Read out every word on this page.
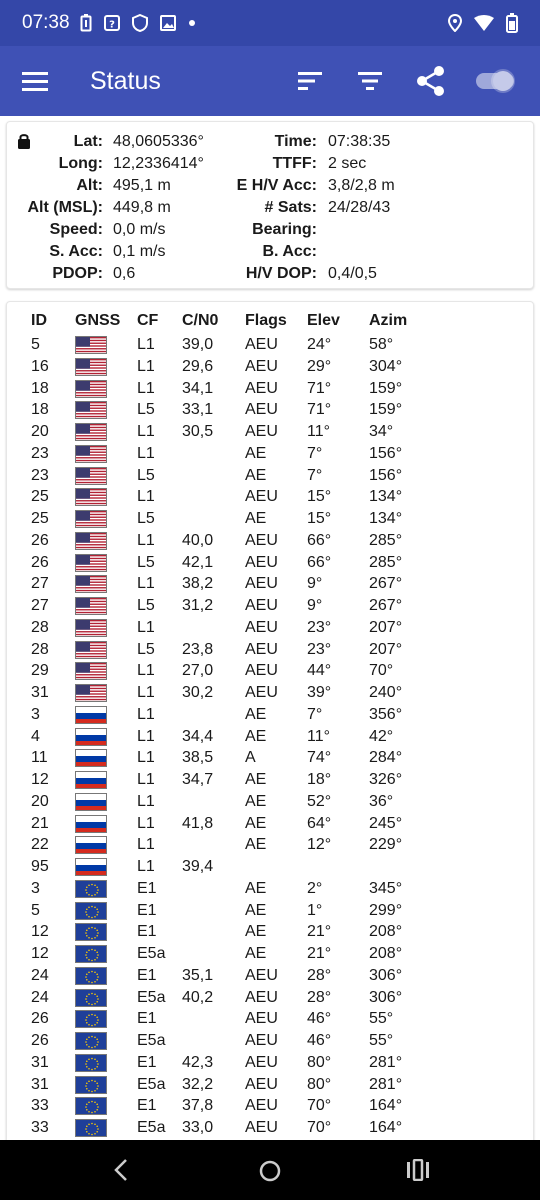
07:38	?
Status
Lat: 48,0605336°
Long: 12,2336414°
Alt: 495,1 m
Alt (MSL): 449,8 m
Speed: 0,0 m/s
S. Acc: 0,1 m/s
PDOP: 0,6
Time: 07:38:35
TTFF: 2 sec
E H/V Acc: 3,8/2,8 m
# Sats: 24/28/43
Bearing:
B. Acc:
H/V DOP: 0,4/0,5
ID GNSS CF C/N0 Flags Elev Azim
5	L1 39,0 AEU 24° 58°
16	L1 29,6 AEU 29° 304°
18	L1 34,1 AEU 71° 159°
18	L5 33,1 AEU 71° 159°
20	L1 30,5 AEU 11° 34°
23	L1	AE	7°	156°
23	L5	AE	7°	156°
25	L1	AEU 15° 134°
25	L5	AE	15° 134°
26	L1 40,0 AEU 66° 285°
26	L5 42,1 AEU 66° 285°
27	L1 38,2 AEU 9°	267°
27	L5 31,2 AEU 9°	267°
28	L1	AEU 23° 207°
28	L5 23,8 AEU 23° 207°
29	L1 27,0 AEU 44° 70°
31	L1 30,2 AEU 39° 240°
3	L1	AE	7°	356°
4	L1 34,4 AE	11° 42°
11	L1 38,5 A	74° 284°
12	L1 34,7 AE	18° 326°
20	L1	AE	52° 36°
21	L1 41,8 AE	64° 245°
22	L1	AE	12° 229°
95	L1 39,4
3	E1	AE	2°	345°
5	E1	AE	1°	299°
12	E1	AE	21° 208°
12	E5a	AE	21° 208°
24	E1 35,1 AEU 28° 306°
24	E5a 40,2 AEU 28° 306°
26	E1	AEU 46° 55°
26	E5a	AEU 46° 55°
31	E1 42,3 AEU 80° 281°
31	E5a 32,2 AEU 80° 281°
33	E1 37,8 AEU 70° 164°
33	E5a 33,0 AEU 70° 164°
